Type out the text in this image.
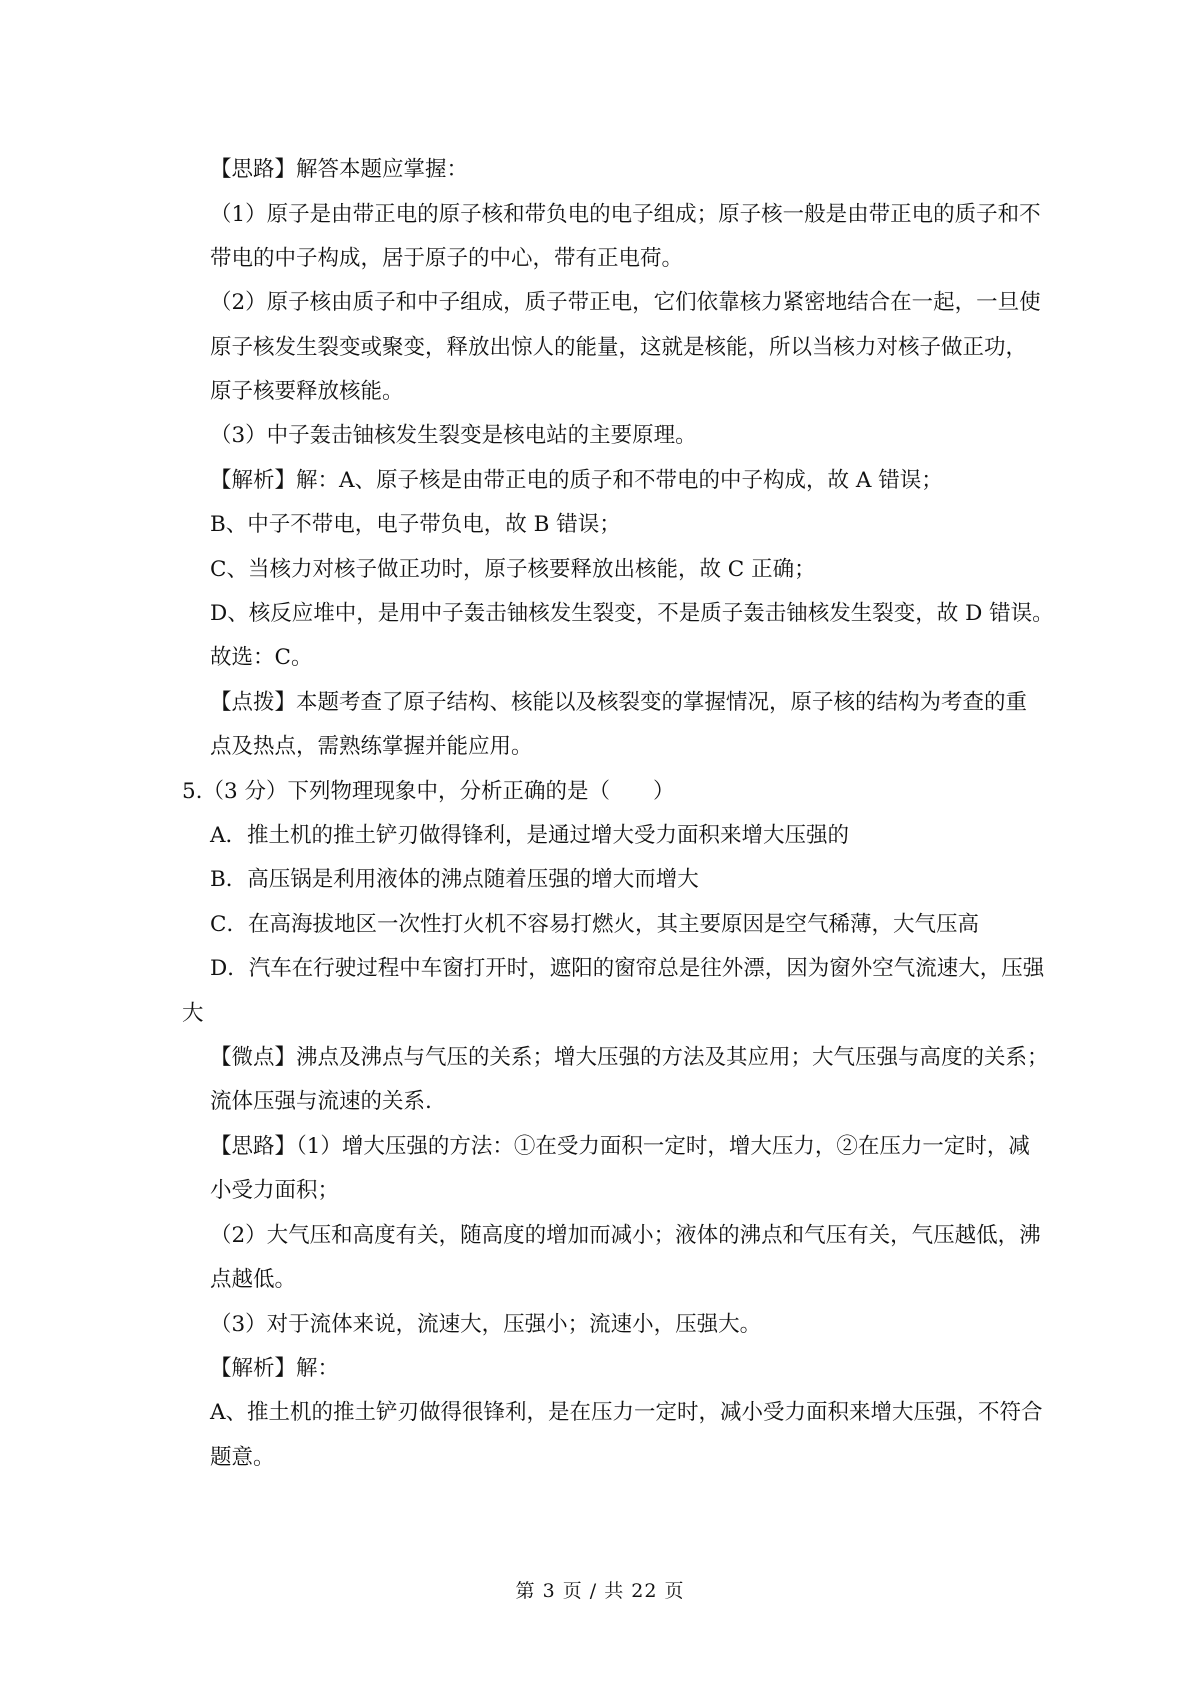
【思路】解答本题应掌握：
（1）原子是由带正电的原子核和带负电的电子组成；原子核一般是由带正电的质子和不
带电的中子构成，居于原子的中心，带有正电荷。
（2）原子核由质子和中子组成，质子带正电，它们依靠核力紧密地结合在一起，一旦使
原子核发生裂变或聚变，释放出惊人的能量，这就是核能，所以当核力对核子做正功，
原子核要释放核能。
（3）中子轰击铀核发生裂变是核电站的主要原理。
【解析】解：A、原子核是由带正电的质子和不带电的中子构成，故 A 错误；
B、中子不带电，电子带负电，故 B 错误；
C、当核力对核子做正功时，原子核要释放出核能，故 C 正确；
D、核反应堆中，是用中子轰击铀核发生裂变，不是质子轰击铀核发生裂变，故 D 错误。
故选：C。
【点拨】本题考查了原子结构、核能以及核裂变的掌握情况，原子核的结构为考查的重
点及热点，需熟练掌握并能应用。
5.（3 分）下列物理现象中，分析正确的是（　　）
A．推土机的推土铲刃做得锋利，是通过增大受力面积来增大压强的
B．高压锅是利用液体的沸点随着压强的增大而增大
C．在高海拔地区一次性打火机不容易打燃火，其主要原因是空气稀薄，大气压高
D．汽车在行驶过程中车窗打开时，遮阳的窗帘总是往外漂，因为窗外空气流速大，压强
大
【微点】沸点及沸点与气压的关系；增大压强的方法及其应用；大气压强与高度的关系；
流体压强与流速的关系.
【思路】（1）增大压强的方法：①在受力面积一定时，增大压力，②在压力一定时，减
小受力面积；
（2）大气压和高度有关，随高度的增加而减小；液体的沸点和气压有关，气压越低，沸
点越低。
（3）对于流体来说，流速大，压强小；流速小，压强大。
【解析】解：
A、推土机的推土铲刃做得很锋利，是在压力一定时，减小受力面积来增大压强，不符合
题意。
第 3 页 / 共 22 页
